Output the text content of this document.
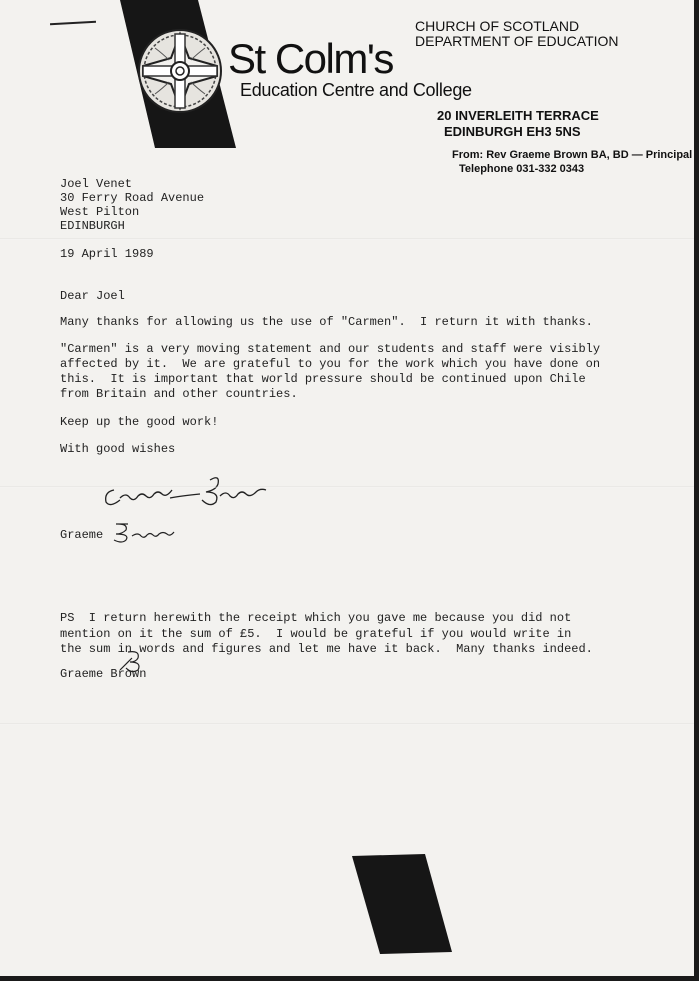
St Colm's
Education Centre and College
CHURCH OF SCOTLAND
DEPARTMENT OF EDUCATION
20 INVERLEITH TERRACE
EDINBURGH EH3 5NS
From: Rev Graeme Brown BA, BD — Principal
Telephone 031-332 0343
Joel Venet
30 Ferry Road Avenue
West Pilton
EDINBURGH
19 April 1989
Dear Joel
Many thanks for allowing us the use of "Carmen".  I return it with thanks.
"Carmen" is a very moving statement and our students and staff were visibly
affected by it.  We are grateful to you for the work which you have done on
this.  It is important that world pressure should be continued upon Chile
from Britain and other countries.
Keep up the good work!
With good wishes
Graeme
PS  I return herewith the receipt which you gave me because you did not
mention on it the sum of £5.  I would be grateful if you would write in
the sum in words and figures and let me have it back.  Many thanks indeed.
Graeme Brown
